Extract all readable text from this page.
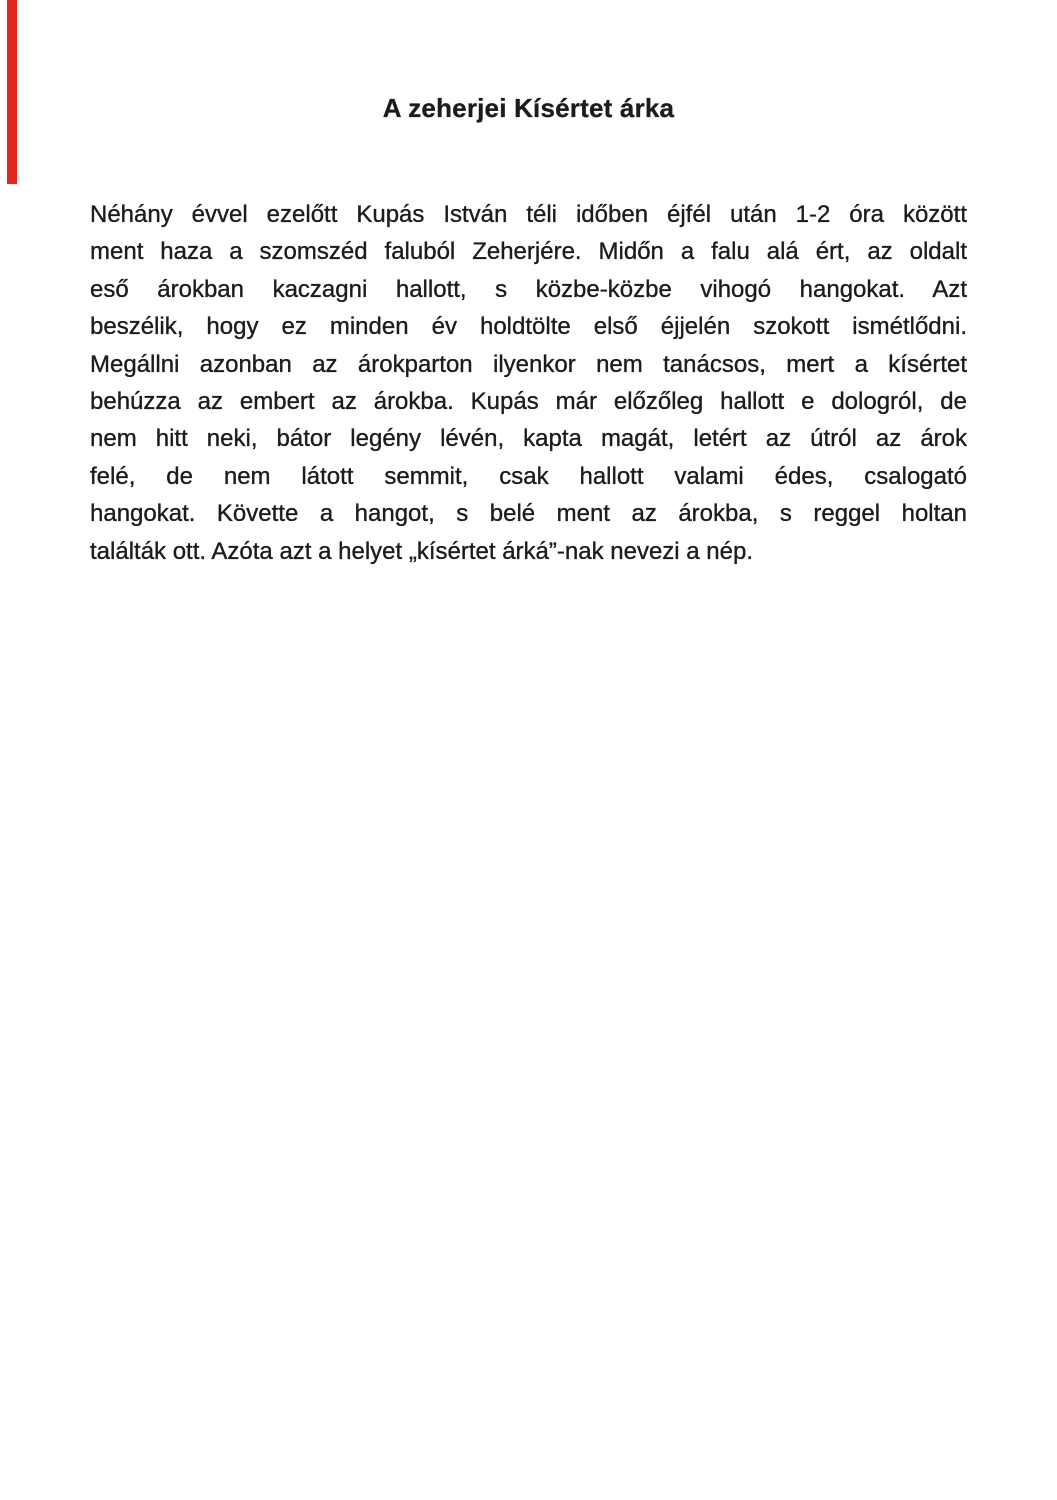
A zeherjei Kísértet árka
Néhány évvel ezelőtt Kupás István téli időben éjfél után 1-2 óra között
ment haza a szomszéd faluból Zeherjére. Midőn a falu alá ért, az oldalt
eső árokban kaczagni hallott, s közbe-közbe vihogó hangokat. Azt
beszélik, hogy ez minden év holdtölte első éjjelén szokott ismétlődni.
Megállni azonban az árokparton ilyenkor nem tanácsos, mert a kísértet
behúzza az embert az árokba. Kupás már előzőleg hallott e dologról, de
nem hitt neki, bátor legény lévén, kapta magát, letért az útról az árok
felé, de nem látott semmit, csak hallott valami édes, csalogató
hangokat. Követte a hangot, s belé ment az árokba, s reggel holtan
találták ott. Azóta azt a helyet „kísértet árká”-nak nevezi a nép.
